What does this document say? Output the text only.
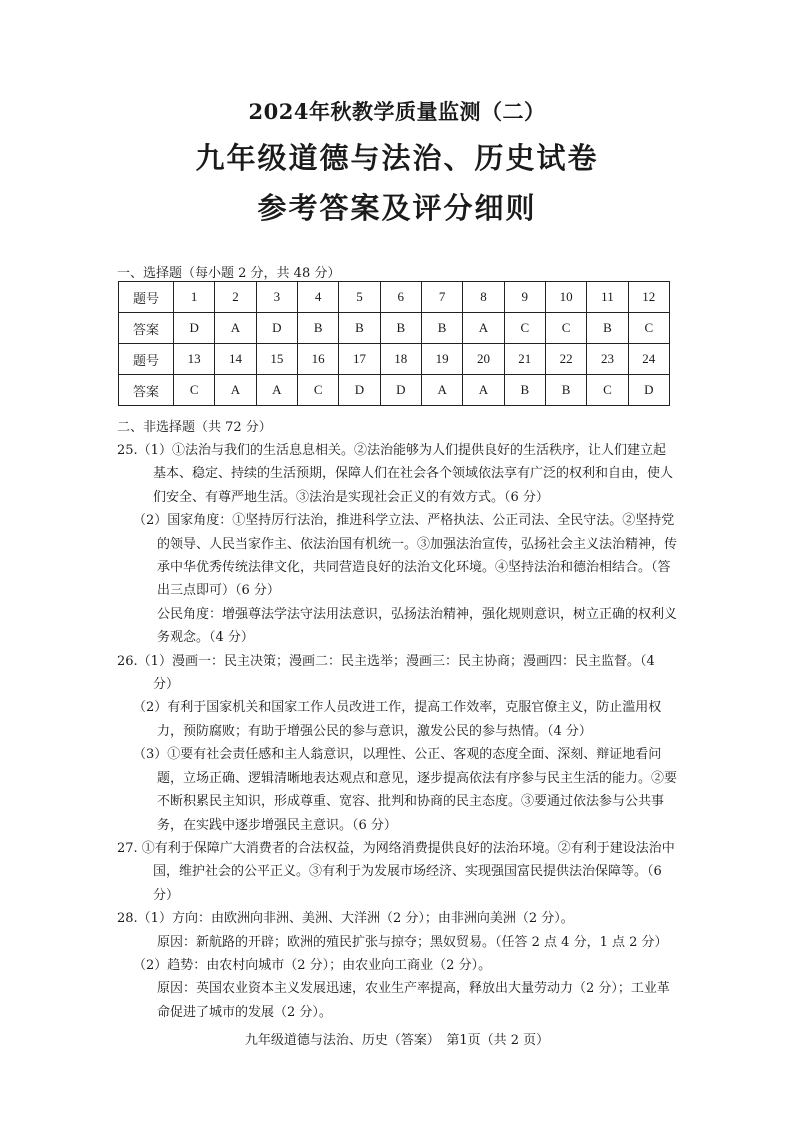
2024年秋教学质量监测（二）
九年级道德与法治、历史试卷
参考答案及评分细则
一、选择题（每小题 2 分，共 48 分）
题号	1	2	3	4	5	6	7	8	9	10	11	12
答案	D	A	D	B	B	B	B	A	C	C	B	C
题号	13	14	15	16	17	18	19	20	21	22	23	24
答案	C	A	A	C	D	D	A	A	B	B	C	D
二、非选择题（共 72 分）

25.（1）①法治与我们的生活息息相关。②法治能够为人们提供良好的生活秩序，让人们建立起基本、稳定、持续的生活预期，保障人们在社会各个领域依法享有广泛的权利和自由，使人们安全、有尊严地生活。③法治是实现社会正义的有效方式。（6 分）

（2）国家角度：①坚持厉行法治，推进科学立法、严格执法、公正司法、全民守法。②坚持党的领导、人民当家作主、依法治国有机统一。③加强法治宣传，弘扬社会主义法治精神，传承中华优秀传统法律文化，共同营造良好的法治文化环境。④坚持法治和德治相结合。（答出三点即可）（6 分）

公民角度：增强尊法学法守法用法意识，弘扬法治精神，强化规则意识，树立正确的权利义务观念。（4 分）

26.（1）漫画一：民主决策；漫画二：民主选举；漫画三：民主协商；漫画四：民主监督。（4 分）

（2）有利于国家机关和国家工作人员改进工作，提高工作效率，克服官僚主义，防止滥用权力，预防腐败；有助于增强公民的参与意识，激发公民的参与热情。（4 分）

（3）①要有社会责任感和主人翁意识，以理性、公正、客观的态度全面、深刻、辩证地看问题，立场正确、逻辑清晰地表达观点和意见，逐步提高依法有序参与民主生活的能力。②要不断积累民主知识，形成尊重、宽容、批判和协商的民主态度。③要通过依法参与公共事务，在实践中逐步增强民主意识。（6 分）

27. ①有利于保障广大消费者的合法权益，为网络消费提供良好的法治环境。②有利于建设法治中国，维护社会的公平正义。③有利于为发展市场经济、实现强国富民提供法治保障等。（6 分）

28.（1）方向：由欧洲向非洲、美洲、大洋洲（2 分）；由非洲向美洲（2 分）。

原因：新航路的开辟；欧洲的殖民扩张与掠夺；黑奴贸易。（任答 2 点 4 分，1 点 2 分）

（2）趋势：由农村向城市（2 分）；由农业向工商业（2 分）。

原因：英国农业资本主义发展迅速，农业生产率提高，释放出大量劳动力（2 分）；工业革命促进了城市的发展（2 分）。

九年级道德与法治、历史（答案）　第1页（共 2 页）
